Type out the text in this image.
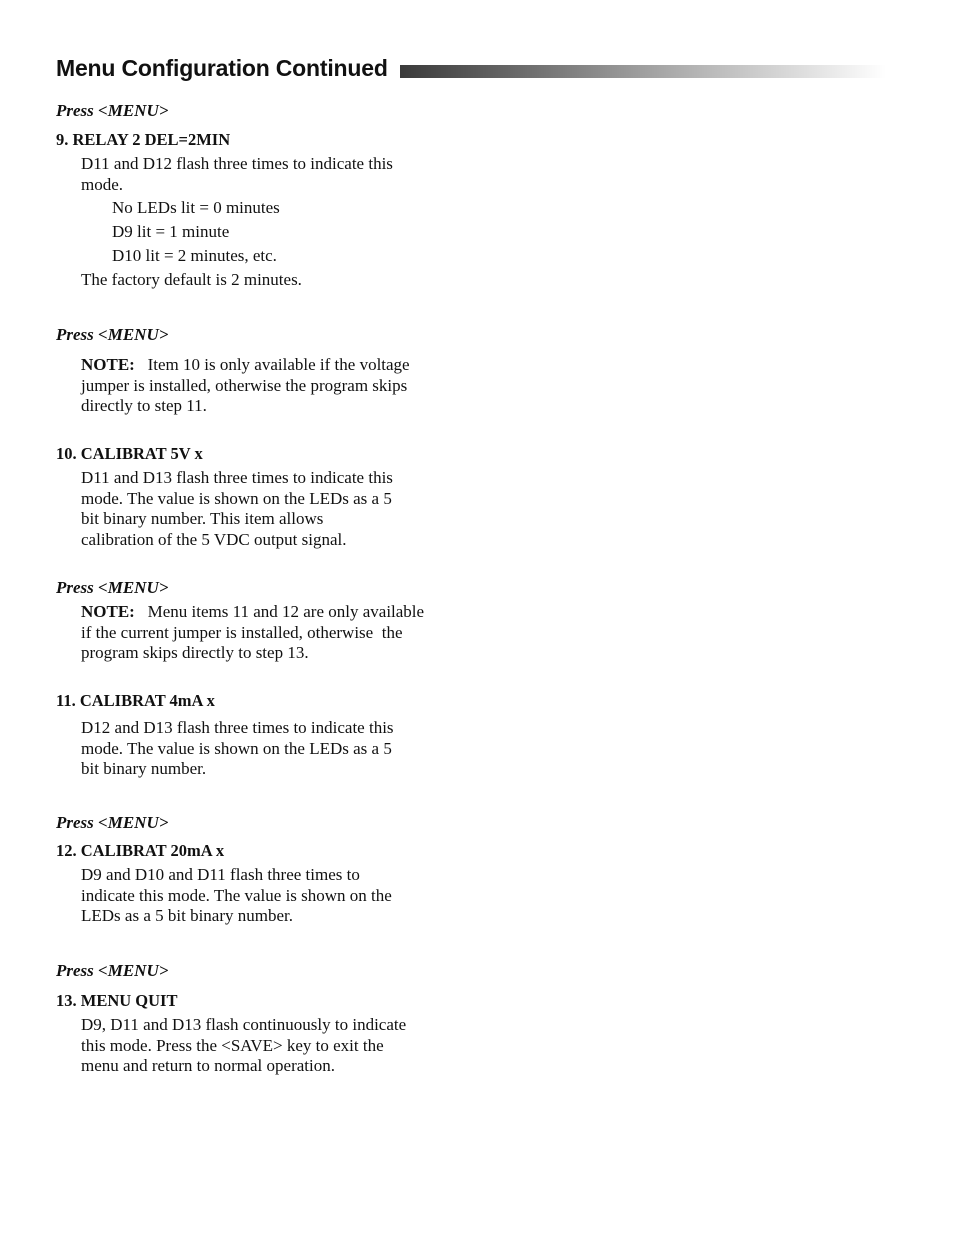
Menu Configuration Continued
Press <MENU>
9. RELAY 2 DEL=2MIN
D11 and D12 flash three times to indicate this
mode.
No LEDs lit = 0 minutes
D9 lit = 1 minute
D10 lit = 2 minutes, etc.
The factory default is 2 minutes.
Press <MENU>
NOTE: Item 10 is only available if the voltage
jumper is installed, otherwise the program skips
directly to step 11.
10. CALIBRAT 5V x
D11 and D13 flash three times to indicate this
mode. The value is shown on the LEDs as a 5
bit binary number. This item allows
calibration of the 5 VDC output signal.
Press <MENU>
NOTE: Menu items 11 and 12 are only available
if the current jumper is installed, otherwise  the
program skips directly to step 13.
11. CALIBRAT 4mA x
D12 and D13 flash three times to indicate this
mode. The value is shown on the LEDs as a 5
bit binary number.
Press <MENU>
12. CALIBRAT 20mA x
D9 and D10 and D11 flash three times to
indicate this mode. The value is shown on the
LEDs as a 5 bit binary number.
Press <MENU>
13. MENU QUIT
D9, D11 and D13 flash continuously to indicate
this mode. Press the <SAVE> key to exit the
menu and return to normal operation.
